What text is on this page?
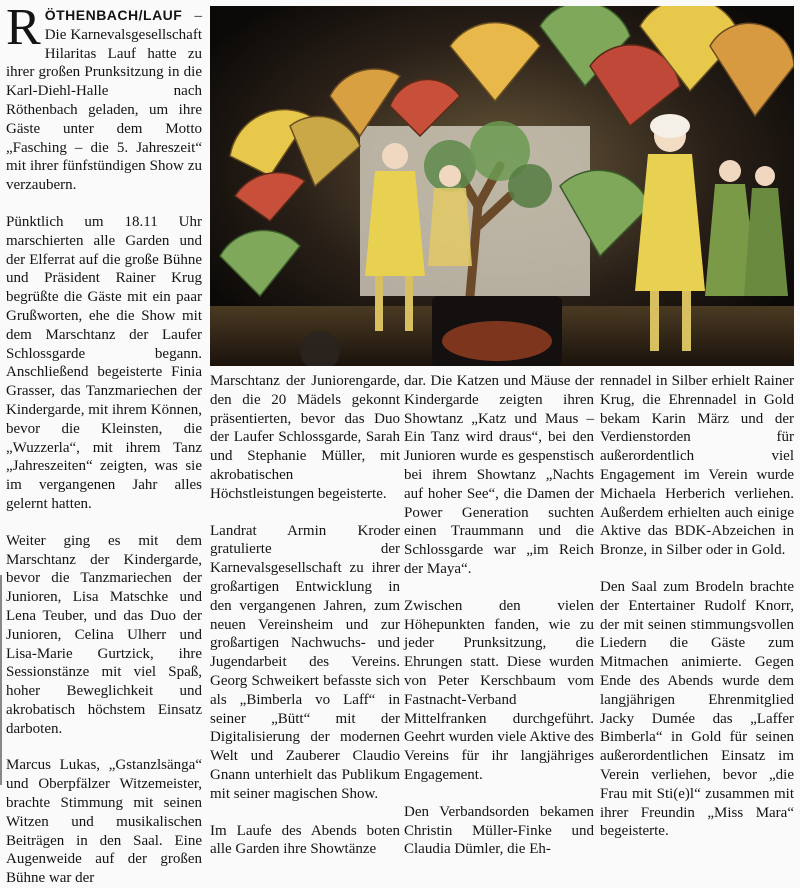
RÖTHENBACH/LAUF – Die Karnevalsgesellschaft Hilaritas Lauf hatte zu ihrer großen Prunksitzung in die Karl-Diehl-Halle nach Röthenbach geladen, um ihre Gäste unter dem Motto „Fasching – die 5. Jahreszeit“ mit ihrer fünfstündigen Show zu verzaubern.

Pünktlich um 18.11 Uhr marschierten alle Garden und der Elferrat auf die große Bühne und Präsident Rainer Krug begrüßte die Gäste mit ein paar Grußworten, ehe die Show mit dem Marschtanz der Laufer Schlossgarde begann. Anschließend begeisterte Finia Grasser, das Tanzmariechen der Kindergarde, mit ihrem Können, bevor die Kleinsten, die „Wuzzerla“, mit ihrem Tanz „Jahreszeiten“ zeigten, was sie im vergangenen Jahr alles gelernt hatten.

Weiter ging es mit dem Marschtanz der Kindergarde, bevor die Tanzmariechen der Junioren, Lisa Matschke und Lena Teuber, und das Duo der Junioren, Celina Ulherr und Lisa-Marie Gurtzick, ihre Sessionstänze mit viel Spaß, hoher Beweglichkeit und akrobatisch höchstem Einsatz darboten.

Marcus Lukas, „Gstanzlsänga“ und Oberpfälzer Witzemeister, brachte Stimmung mit seinen Witzen und musikalischen Beiträgen in den Saal. Eine Augenweide auf der großen Bühne war der

Marschtanz der Juniorengarde, den die 20 Mädels gekonnt präsentierten, bevor das Duo der Laufer Schlossgarde, Sarah und Stephanie Müller, mit akrobatischen Höchstleistungen begeisterte.

Landrat Armin Kroder gratulierte der Karnevalsgesellschaft zu ihrer großartigen Entwicklung in den vergangenen Jahren, zum neuen Vereinsheim und zur großartigen Nachwuchs- und Jugendarbeit des Vereins. Georg Schweikert befasste sich als „Bimberla vo Laff“ in seiner „Bütt“ mit der Digitalisierung der modernen Welt und Zauberer Claudio Gnann unterhielt das Publikum mit seiner magischen Show.

Im Laufe des Abends boten alle Garden ihre Showtänze

dar. Die Katzen und Mäuse der Kindergarde zeigten ihren Showtanz „Katz und Maus – Ein Tanz wird draus“, bei den Junioren wurde es gespenstisch bei ihrem Showtanz „Nachts auf hoher See“, die Damen der Power Generation suchten einen Traummann und die Schlossgarde war „im Reich der Maya“.

Zwischen den vielen Höhepunkten fanden, wie zu jeder Prunksitzung, die Ehrungen statt. Diese wurden von Peter Kerschbaum vom Fastnacht-Verband Mittelfranken durchgeführt. Geehrt wurden viele Aktive des Vereins für ihr langjähriges Engagement.

Den Verbandsorden bekamen Christin Müller-Finke und Claudia Dümler, die Eh-

rennadel in Silber erhielt Rainer Krug, die Ehrennadel in Gold bekam Karin März und der Verdienstorden für außerordentlich viel Engagement im Verein wurde Michaela Herberich verliehen. Außerdem erhielten auch einige Aktive das BDK-Abzeichen in Bronze, in Silber oder in Gold.

Den Saal zum Brodeln brachte der Entertainer Rudolf Knorr, der mit seinen stimmungsvollen Liedern die Gäste zum Mitmachen animierte. Gegen Ende des Abends wurde dem langjährigen Ehrenmitglied Jacky Dumée das „Laffer Bimberla“ in Gold für seinen außerordentlichen Einsatz im Verein verliehen, bevor „die Frau mit Sti(e)l“ zusammen mit ihrer Freundin „Miss Mara“ begeisterte.
